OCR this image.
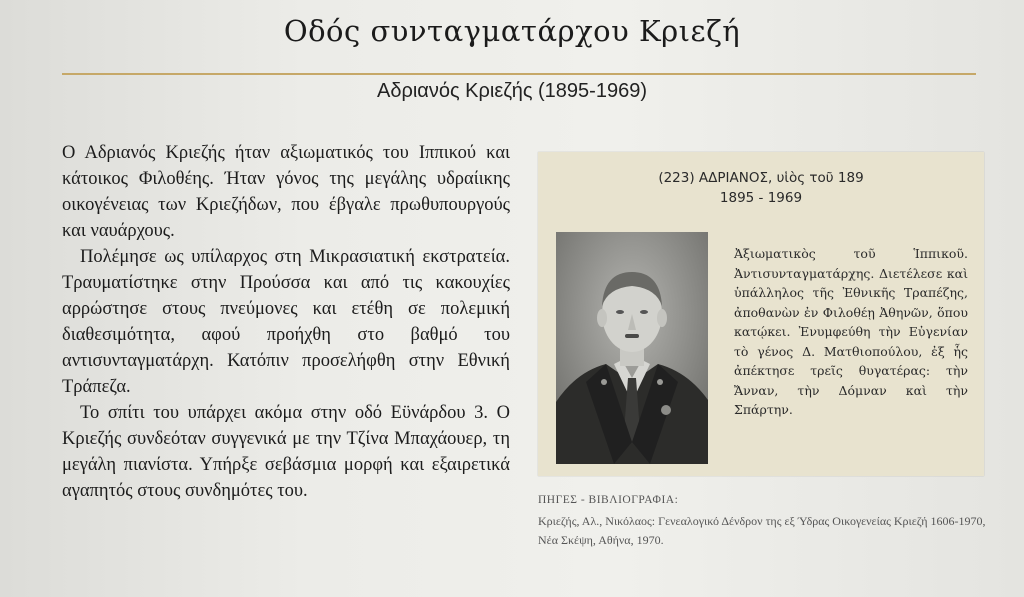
Οδός συνταγματάρχου Κριεζή
Αδριανός Κριεζής (1895-1969)

Ο Αδριανός Κριεζής ήταν αξιωματικός του Ιππικού και κάτοικος Φιλοθέης. Ήταν γόνος της μεγάλης υδραίικης οικογένειας των Κριεζήδων, που έβγαλε πρωθυπουργούς και ναυάρχους.

Πολέμησε ως υπίλαρχος στη Μικρασιατική εκστρατεία. Τραυματίστηκε στην Προύσσα και από τις κακουχίες αρρώστησε στους πνεύμονες και ετέθη σε πολεμική διαθεσιμότητα, αφού προήχθη στο βαθμό του αντισυνταγματάρχη. Κατόπιν προσελήφθη στην Εθνική Τράπεζα.

Το σπίτι του υπάρχει ακόμα στην οδό Εϋνάρδου 3. Ο Κριεζής συνδεόταν συγγενικά με την Τζίνα Μπαχάουερ, τη μεγάλη πιανίστα. Υπήρξε σεβάσμια μορφή και εξαιρετικά αγαπητός στους συνδημότες του.

(223) ΑΔΡΙΑΝΟΣ, υἱὸς τοῦ 189
1895 - 1969
Ἀξιωματικὸς τοῦ Ἱππικοῦ. Ἀντισυνταγματάρχης. Διετέλεσε καὶ ὑπάλληλος τῆς Ἐθνικῆς Τραπέζης, ἀποθανὼν ἐν Φιλοθέῃ Ἀθηνῶν, ὅπου κατῴκει. Ἐνυμφεύθη τὴν Εὐγενίαν τὸ γένος Δ. Ματθιοπούλου, ἐξ ἧς ἀπέκτησε τρεῖς θυγατέρας: τὴν Ἄνναν, τὴν Δόμναν καὶ τὴν Σπάρτην.
ΠΗΓΕΣ - ΒΙΒΛΙΟΓΡΑΦΙΑ:
Κριεζής, Αλ., Νικόλαος: Γενεαλογικό Δένδρον της εξ Ύδρας Οικογενείας Κριεζή 1606-1970, Νέα Σκέψη, Αθήνα, 1970.
